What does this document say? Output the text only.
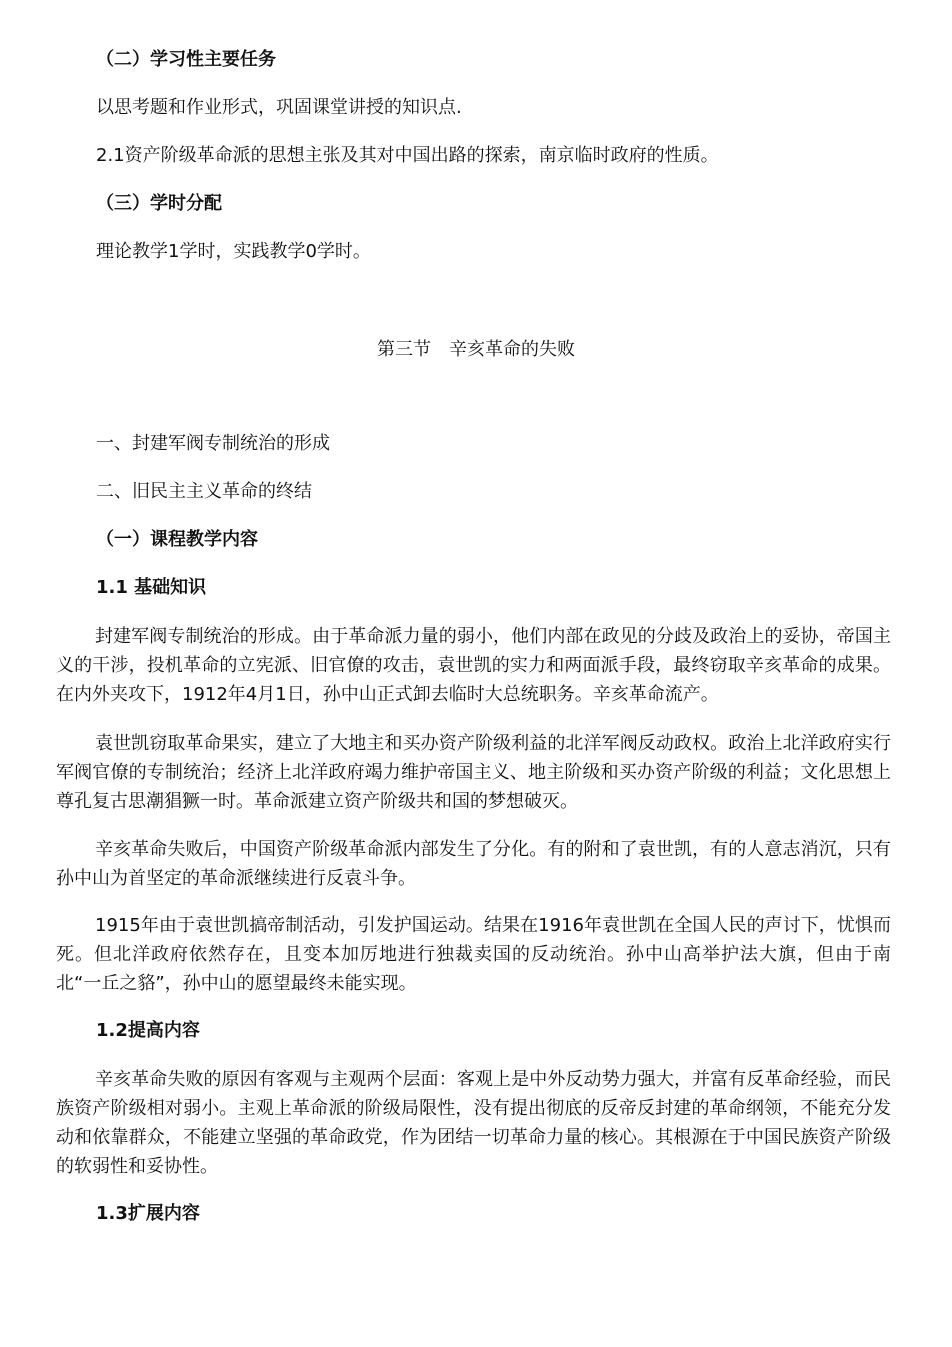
（二）学习性主要任务
以思考题和作业形式，巩固课堂讲授的知识点.
2.1资产阶级革命派的思想主张及其对中国出路的探索，南京临时政府的性质。
（三）学时分配
理论教学1学时，实践教学0学时。
第三节　辛亥革命的失败
一、封建军阀专制统治的形成
二、旧民主主义革命的终结
（一）课程教学内容
1.1 基础知识
封建军阀专制统治的形成。由于革命派力量的弱小，他们内部在政见的分歧及政治上的妥协，帝国主义的干涉，投机革命的立宪派、旧官僚的攻击，袁世凯的实力和两面派手段，最终窃取辛亥革命的成果。在内外夹攻下，1912年4月1日，孙中山正式卸去临时大总统职务。辛亥革命流产。
袁世凯窃取革命果实，建立了大地主和买办资产阶级利益的北洋军阀反动政权。政治上北洋政府实行军阀官僚的专制统治；经济上北洋政府竭力维护帝国主义、地主阶级和买办资产阶级的利益；文化思想上尊孔复古思潮猖獗一时。革命派建立资产阶级共和国的梦想破灭。
辛亥革命失败后，中国资产阶级革命派内部发生了分化。有的附和了袁世凯，有的人意志消沉，只有孙中山为首坚定的革命派继续进行反袁斗争。
1915年由于袁世凯搞帝制活动，引发护国运动。结果在1916年袁世凯在全国人民的声讨下，忧惧而死。但北洋政府依然存在，且变本加厉地进行独裁卖国的反动统治。孙中山高举护法大旗，但由于南北“一丘之貉”，孙中山的愿望最终未能实现。
1.2提高内容
辛亥革命失败的原因有客观与主观两个层面：客观上是中外反动势力强大，并富有反革命经验，而民族资产阶级相对弱小。主观上革命派的阶级局限性，没有提出彻底的反帝反封建的革命纲领，不能充分发动和依靠群众，不能建立坚强的革命政党，作为团结一切革命力量的核心。其根源在于中国民族资产阶级的软弱性和妥协性。
1.3扩展内容
